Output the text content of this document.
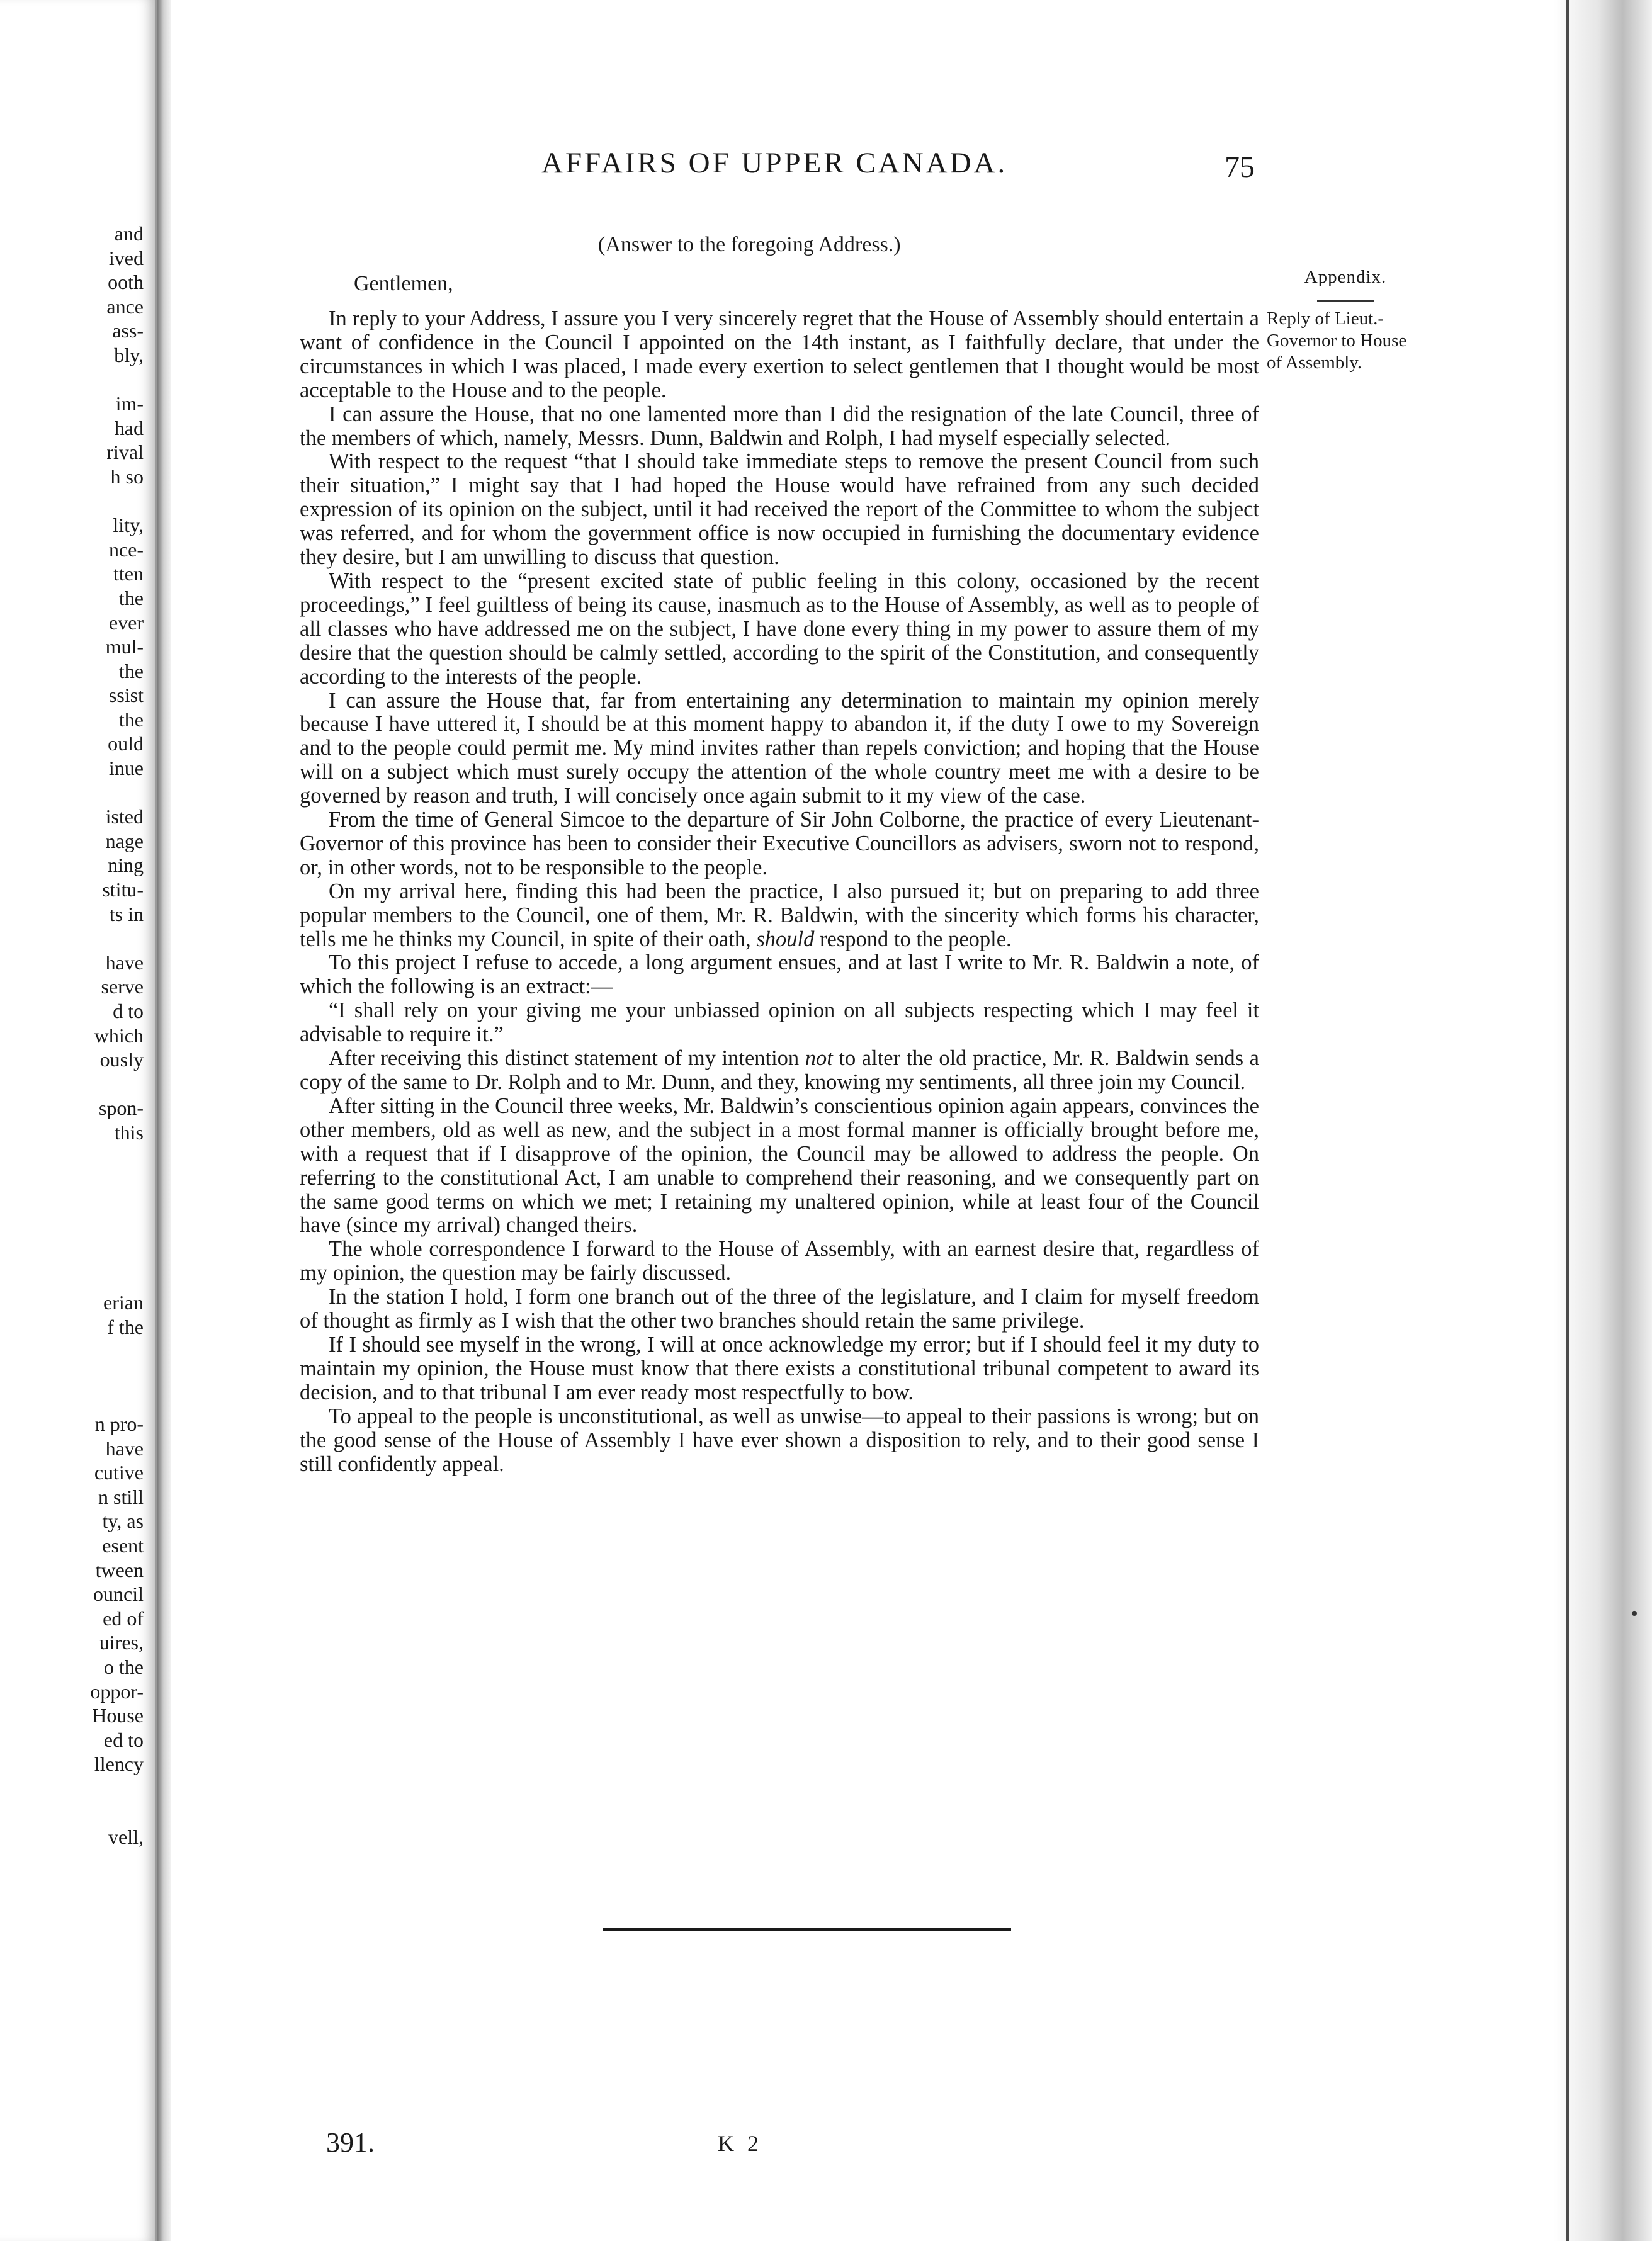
and
ived
ooth
ance
ass-
bly,
im-
had
rival
h so
lity,
nce-
tten
the
ever
mul-
the
ssist
the
ould
inue
isted
nage
ning
stitu-
ts in
have
serve
d to
which
ously
spon-
this
erian
f the
n pro-
have
cutive
n still
ty, as
esent
tween
ouncil
ed of
uires,
o the
oppor-
House
ed to
llency
vell,
AFFAIRS OF UPPER CANADA.	75
(Answer to the foregoing Address.)
Appendix.
Reply of Lieut.-Governor to House of Assembly.
Gentlemen,

In reply to your Address, I assure you I very sincerely regret that the House of Assembly should entertain a want of confidence in the Council I appointed on the 14th instant, as I faithfully declare, that under the circumstances in which I was placed, I made every exertion to select gentlemen that I thought would be most acceptable to the House and to the people.

I can assure the House, that no one lamented more than I did the resignation of the late Council, three of the members of which, namely, Messrs. Dunn, Baldwin and Rolph, I had myself especially selected.

With respect to the request “that I should take immediate steps to remove the present Council from such their situation,” I might say that I had hoped the House would have refrained from any such decided expression of its opinion on the subject, until it had received the report of the Committee to whom the subject was referred, and for whom the government office is now occupied in furnishing the documentary evidence they desire, but I am unwilling to discuss that question.

With respect to the “present excited state of public feeling in this colony, occasioned by the recent proceedings,” I feel guiltless of being its cause, inasmuch as to the House of Assembly, as well as to people of all classes who have addressed me on the subject, I have done every thing in my power to assure them of my desire that the question should be calmly settled, according to the spirit of the Constitution, and consequently according to the interests of the people.

I can assure the House that, far from entertaining any determination to maintain my opinion merely because I have uttered it, I should be at this moment happy to abandon it, if the duty I owe to my Sovereign and to the people could permit me. My mind invites rather than repels conviction; and hoping that the House will on a subject which must surely occupy the attention of the whole country meet me with a desire to be governed by reason and truth, I will concisely once again submit to it my view of the case.

From the time of General Simcoe to the departure of Sir John Colborne, the practice of every Lieutenant-Governor of this province has been to consider their Executive Councillors as advisers, sworn not to respond, or, in other words, not to be responsible to the people.

On my arrival here, finding this had been the practice, I also pursued it; but on preparing to add three popular members to the Council, one of them, Mr. R. Baldwin, with the sincerity which forms his character, tells me he thinks my Council, in spite of their oath, should respond to the people.

To this project I refuse to accede, a long argument ensues, and at last I write to Mr. R. Baldwin a note, of which the following is an extract:—

“I shall rely on your giving me your unbiassed opinion on all subjects respecting which I may feel it advisable to require it.”

After receiving this distinct statement of my intention not to alter the old practice, Mr. R. Baldwin sends a copy of the same to Dr. Rolph and to Mr. Dunn, and they, knowing my sentiments, all three join my Council.

After sitting in the Council three weeks, Mr. Baldwin’s conscientious opinion again appears, convinces the other members, old as well as new, and the subject in a most formal manner is officially brought before me, with a request that if I disapprove of the opinion, the Council may be allowed to address the people. On referring to the constitutional Act, I am unable to comprehend their reasoning, and we consequently part on the same good terms on which we met; I retaining my unaltered opinion, while at least four of the Council have (since my arrival) changed theirs.

The whole correspondence I forward to the House of Assembly, with an earnest desire that, regardless of my opinion, the question may be fairly discussed.

In the station I hold, I form one branch out of the three of the legislature, and I claim for myself freedom of thought as firmly as I wish that the other two branches should retain the same privilege.

If I should see myself in the wrong, I will at once acknowledge my error; but if I should feel it my duty to maintain my opinion, the House must know that there exists a constitutional tribunal competent to award its decision, and to that tribunal I am ever ready most respectfully to bow.

To appeal to the people is unconstitutional, as well as unwise—to appeal to their passions is wrong; but on the good sense of the House of Assembly I have ever shown a disposition to rely, and to their good sense I still confidently appeal.

391.	K 2
•
